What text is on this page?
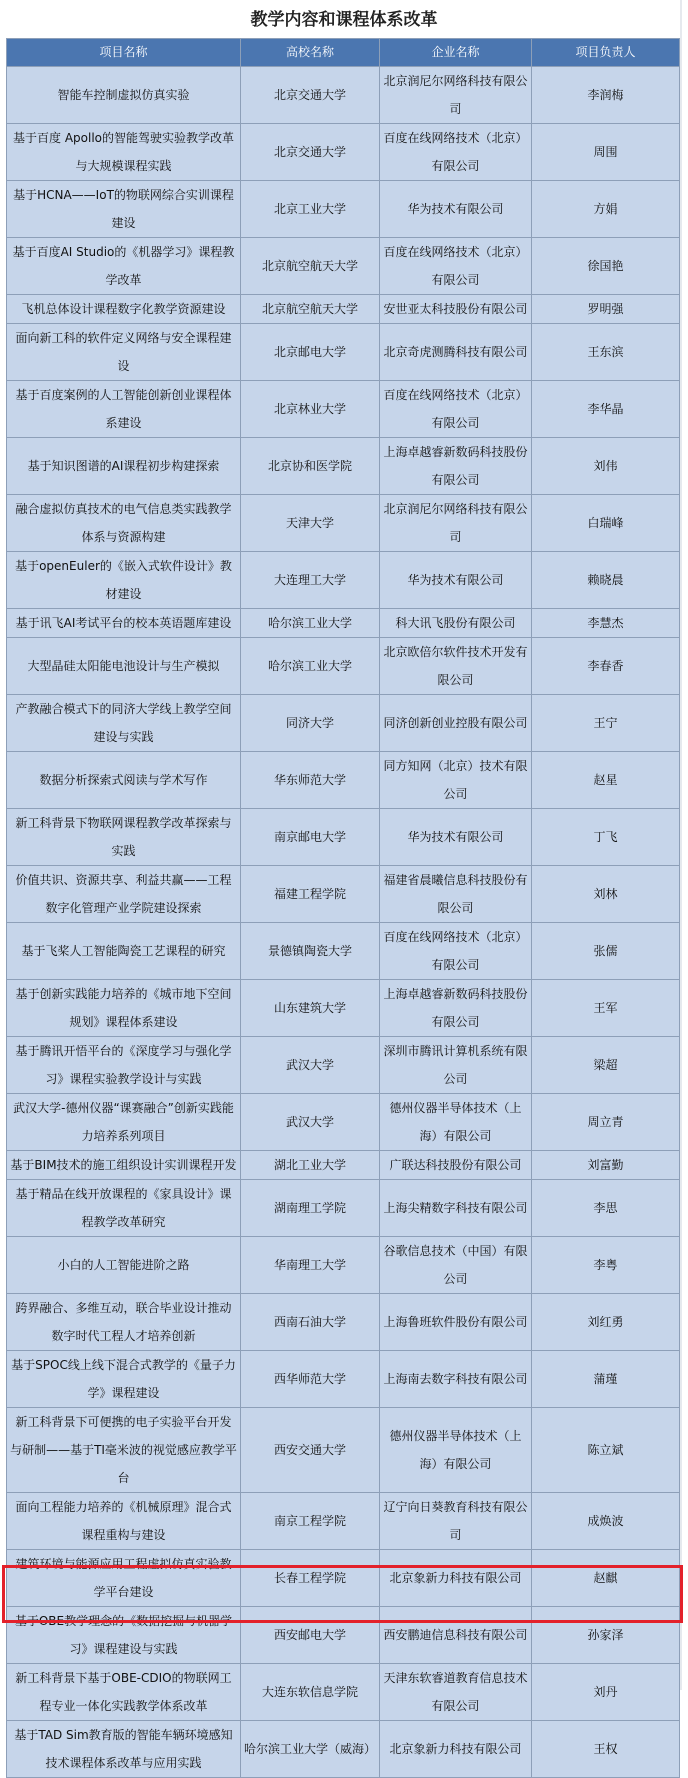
教学内容和课程体系改革
项目名称	高校名称	企业名称	项目负责人
智能车控制虚拟仿真实验	北京交通大学	北京润尼尔网络科技有限公司	李润梅
基于百度 Apollo的智能驾驶实验教学改革与大规模课程实践	北京交通大学	百度在线网络技术（北京）有限公司	周围
基于HCNA——IoT的物联网综合实训课程建设	北京工业大学	华为技术有限公司	方娟
基于百度AI Studio的《机器学习》课程教学改革	北京航空航天大学	百度在线网络技术（北京）有限公司	徐国艳
飞机总体设计课程数字化教学资源建设	北京航空航天大学	安世亚太科技股份有限公司	罗明强
面向新工科的软件定义网络与安全课程建设	北京邮电大学	北京奇虎测腾科技有限公司	王东滨
基于百度案例的人工智能创新创业课程体系建设	北京林业大学	百度在线网络技术（北京）有限公司	李华晶
基于知识图谱的AI课程初步构建探索	北京协和医学院	上海卓越睿新数码科技股份有限公司	刘伟
融合虚拟仿真技术的电气信息类实践教学体系与资源构建	天津大学	北京润尼尔网络科技有限公司	白瑞峰
基于openEuler的《嵌入式软件设计》教材建设	大连理工大学	华为技术有限公司	赖晓晨
基于讯飞AI考试平台的校本英语题库建设	哈尔滨工业大学	科大讯飞股份有限公司	李慧杰
大型晶硅太阳能电池设计与生产模拟	哈尔滨工业大学	北京欧倍尔软件技术开发有限公司	李春香
产教融合模式下的同济大学线上教学空间建设与实践	同济大学	同济创新创业控股有限公司	王宁
数据分析探索式阅读与学术写作	华东师范大学	同方知网（北京）技术有限公司	赵星
新工科背景下物联网课程教学改革探索与实践	南京邮电大学	华为技术有限公司	丁飞
价值共识、资源共享、利益共赢——工程数字化管理产业学院建设探索	福建工程学院	福建省晨曦信息科技股份有限公司	刘林
基于飞桨人工智能陶瓷工艺课程的研究	景德镇陶瓷大学	百度在线网络技术（北京）有限公司	张儒
基于创新实践能力培养的《城市地下空间规划》课程体系建设	山东建筑大学	上海卓越睿新数码科技股份有限公司	王军
基于腾讯开悟平台的《深度学习与强化学习》课程实验教学设计与实践	武汉大学	深圳市腾讯计算机系统有限公司	梁超
武汉大学-德州仪器“课赛融合”创新实践能力培养系列项目	武汉大学	德州仪器半导体技术（上海）有限公司	周立青
基于BIM技术的施工组织设计实训课程开发	湖北工业大学	广联达科技股份有限公司	刘富勤
基于精品在线开放课程的《家具设计》课程教学改革研究	湖南理工学院	上海尖精数字科技有限公司	李思
小白的人工智能进阶之路	华南理工大学	谷歌信息技术（中国）有限公司	李粤
跨界融合、多维互动，联合毕业设计推动数字时代工程人才培养创新	西南石油大学	上海鲁班软件股份有限公司	刘红勇
基于SPOC线上线下混合式教学的《量子力学》课程建设	西华师范大学	上海南去数字科技有限公司	蒲瑾
新工科背景下可便携的电子实验平台开发与研制——基于TI毫米波的视觉感应教学平台	西安交通大学	德州仪器半导体技术（上海）有限公司	陈立斌
面向工程能力培养的《机械原理》混合式课程重构与建设	南京工程学院	辽宁向日葵教育科技有限公司	成焕波
建筑环境与能源应用工程虚拟仿真实验教学平台建设	长春工程学院	北京象新力科技有限公司	赵麒
基于OBE教学理念的《数据挖掘与机器学习》课程建设与实践	西安邮电大学	西安鹏迪信息科技有限公司	孙家泽
新工科背景下基于OBE-CDIO的物联网工程专业一体化实践教学体系改革	大连东软信息学院	天津东软睿道教育信息技术有限公司	刘丹
基于TAD Sim教育版的智能车辆环境感知技术课程体系改革与应用实践	哈尔滨工业大学（威海）	北京象新力科技有限公司	王权
